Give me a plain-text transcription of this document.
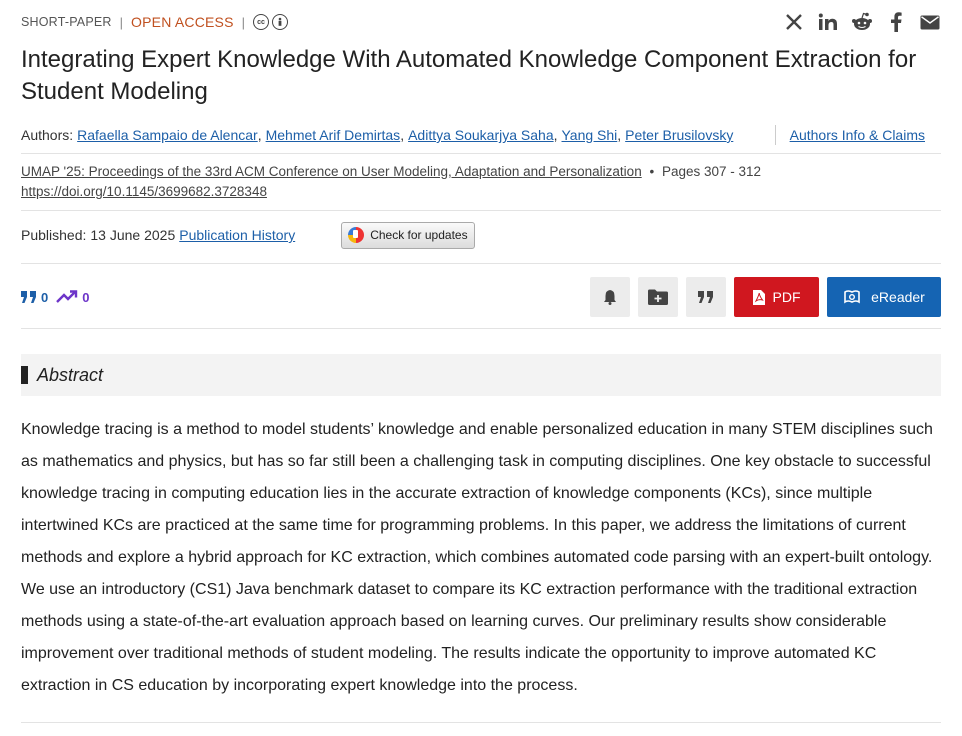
SHORT-PAPER | OPEN ACCESS |	cc
Integrating Expert Knowledge With Automated Knowledge Component Extraction for Student Modeling
Authors: Rafaella Sampaio de Alencar , Mehmet Arif Demirtas , Adittya Soukarjya Saha , Yang Shi , Peter Brusilovsky	Authors Info & Claims
UMAP '25: Proceedings of the 33rd ACM Conference on User Modeling, Adaptation and Personalization • Pages 307 - 312
https://doi.org/10.1145/3699682.3728348
Published: 13 June 2025 Publication History	Check for updates
0	0	PDF	eReader
Abstract

Knowledge tracing is a method to model students’ knowledge and enable personalized education in many STEM disciplines such as mathematics and physics, but has so far still been a challenging task in computing disciplines. One key obstacle to successful knowledge tracing in computing education lies in the accurate extraction of knowledge components (KCs), since multiple intertwined KCs are practiced at the same time for programming problems. In this paper, we address the limitations of current methods and explore a hybrid approach for KC extraction, which combines automated code parsing with an expert-built ontology. We use an introductory (CS1) Java benchmark dataset to compare its KC extraction performance with the traditional extraction methods using a state-of-the-art evaluation approach based on learning curves. Our preliminary results show considerable improvement over traditional methods of student modeling. The results indicate the opportunity to improve automated KC extraction in CS education by incorporating expert knowledge into the process.
